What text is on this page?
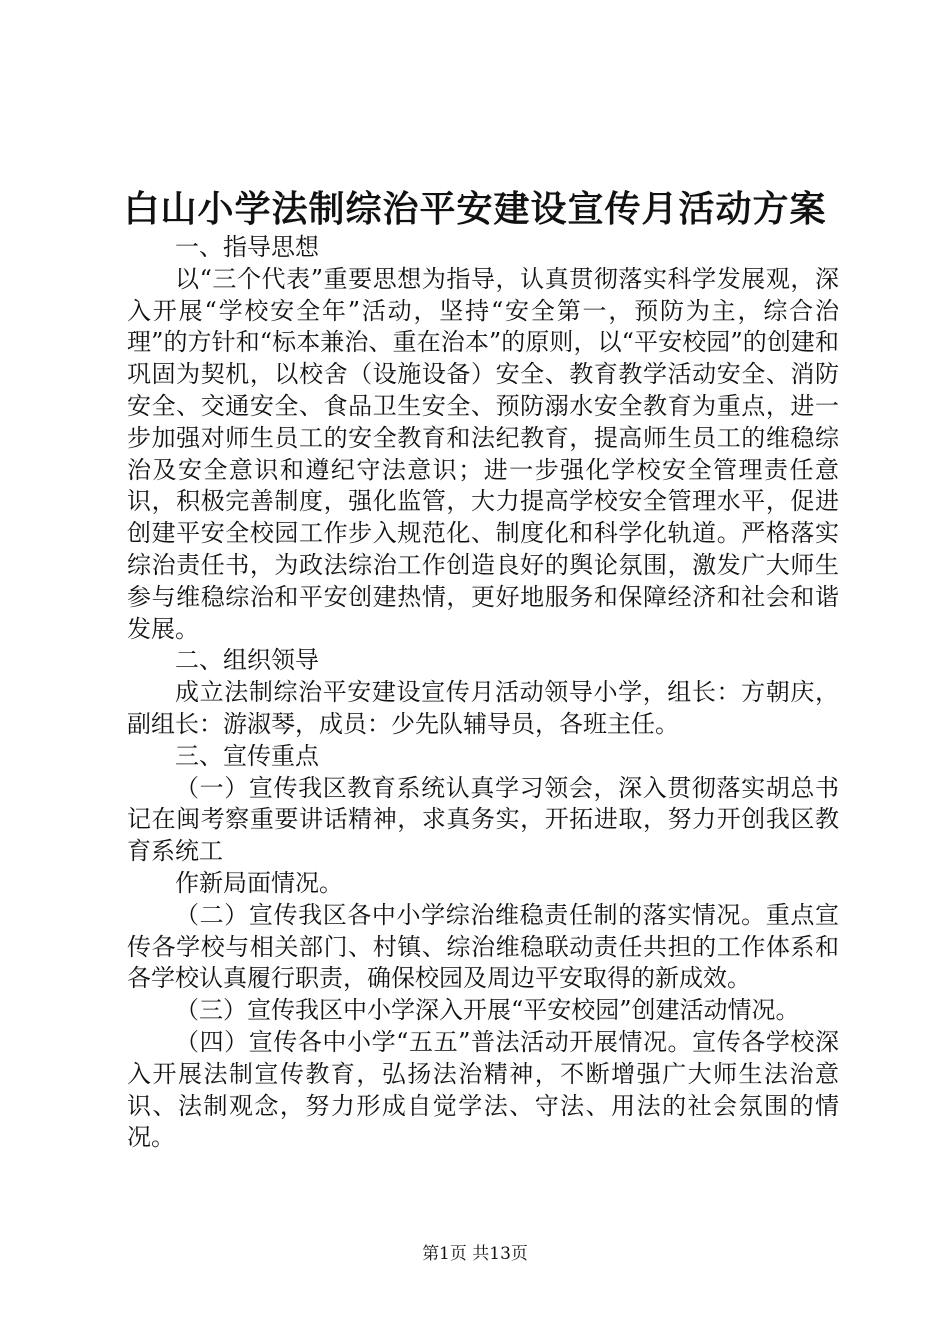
白山小学法制综治平安建设宣传月活动方案

一、指导思想

以“三个代表”重要思想为指导，认真贯彻落实科学发展观，深入开展“学校安全年”活动，坚持“安全第一，预防为主，综合治理”的方针和“标本兼治、重在治本”的原则，以“平安校园”的创建和巩固为契机，以校舍（设施设备）安全、教育教学活动安全、消防安全、交通安全、食品卫生安全、预防溺水安全教育为重点，进一步加强对师生员工的安全教育和法纪教育，提高师生员工的维稳综治及安全意识和遵纪守法意识；进一步强化学校安全管理责任意识，积极完善制度，强化监管，大力提高学校安全管理水平，促进创建平安全校园工作步入规范化、制度化和科学化轨道。严格落实综治责任书，为政法综治工作创造良好的舆论氛围，激发广大师生参与维稳综治和平安创建热情，更好地服务和保障经济和社会和谐发展。

二、组织领导

成立法制综治平安建设宣传月活动领导小学，组长：方朝庆，副组长：游淑琴，成员：少先队辅导员，各班主任。

三、宣传重点

（一）宣传我区教育系统认真学习领会，深入贯彻落实胡总书记在闽考察重要讲话精神，求真务实，开拓进取，努力开创我区教育系统工

作新局面情况。

（二）宣传我区各中小学综治维稳责任制的落实情况。重点宣传各学校与相关部门、村镇、综治维稳联动责任共担的工作体系和各学校认真履行职责，确保校园及周边平安取得的新成效。

（三）宣传我区中小学深入开展“平安校园”创建活动情况。

（四）宣传各中小学“五五”普法活动开展情况。宣传各学校深入开展法制宣传教育，弘扬法治精神，不断增强广大师生法治意识、法制观念，努力形成自觉学法、守法、用法的社会氛围的情况。

第1页 共13页
